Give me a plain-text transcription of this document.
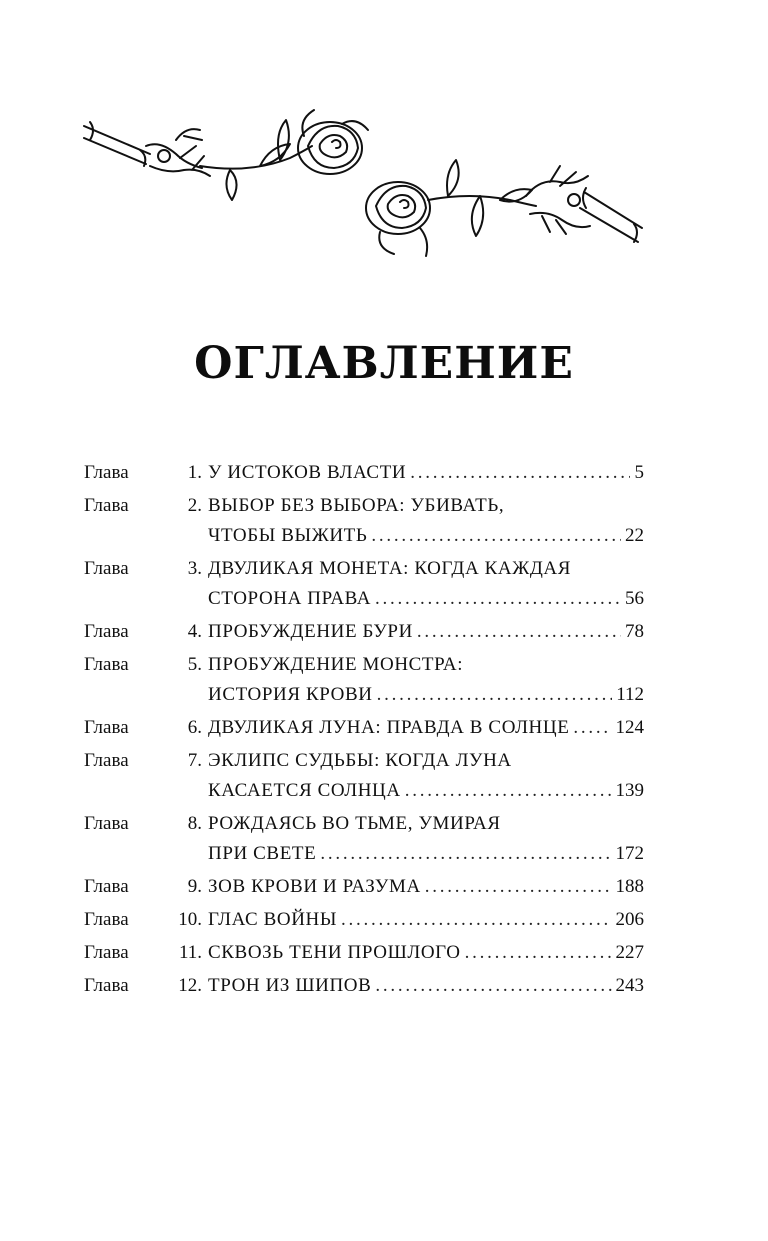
ОГЛАВЛЕНИЕ
Глава	1. У ИСТОКОВ ВЛАСТИ . . .	5
Глава	2. ВЫБОР БЕЗ ВЫБОРА: УБИВАТЬ,
ЧТОБЫ ВЫЖИТЬ . . .	22
Глава	3. ДВУЛИКАЯ МОНЕТА: КОГДА КАЖДАЯ
СТОРОНА ПРАВА . . .	56
Глава	4. ПРОБУЖДЕНИЕ БУРИ . . .	78
Глава	5. ПРОБУЖДЕНИЕ МОНСТРА:
ИСТОРИЯ КРОВИ . . .	112
Глава	6. ДВУЛИКАЯ ЛУНА: ПРАВДА В СОЛНЦЕ . . . 124
Глава	7. ЭКЛИПС СУДЬБЫ: КОГДА ЛУНА
КАСАЕТСЯ СОЛНЦА . . .	139
Глава	8. РОЖДАЯСЬ ВО ТЬМЕ, УМИРАЯ
ПРИ СВЕТЕ . . .	172
Глава	9. ЗОВ КРОВИ И РАЗУМА . . .	188
Глава	10. ГЛАС ВОЙНЫ . . .	206
Глава	11. СКВОЗЬ ТЕНИ ПРОШЛОГО . . .	227
Глава	12. ТРОН ИЗ ШИПОВ . . .	243
